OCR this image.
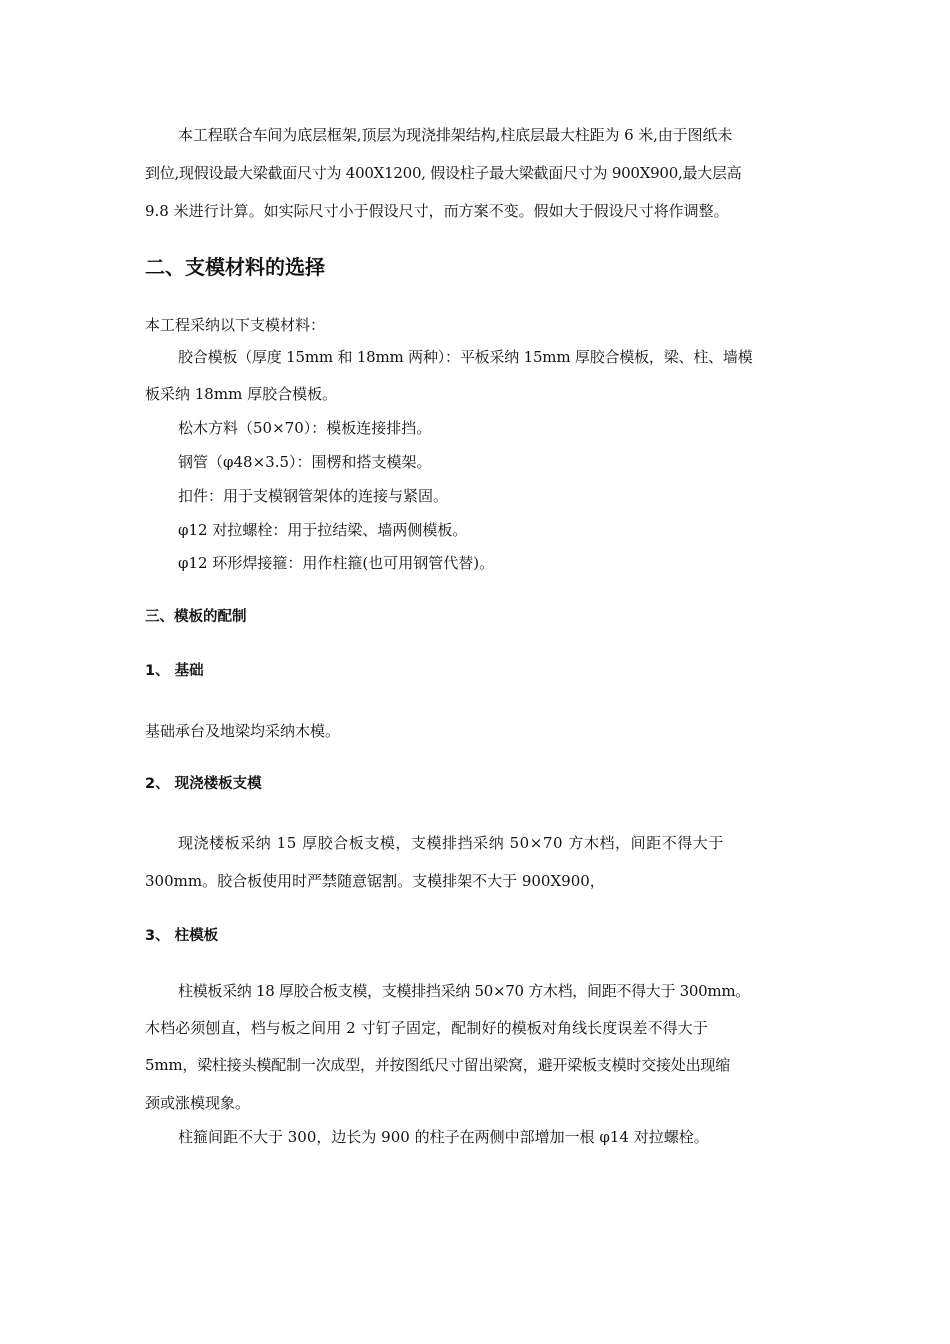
本工程联合车间为底层框架,顶层为现浇排架结构,柱底层最大柱距为 6 米,由于图纸未
到位,现假设最大梁截面尺寸为 400X1200, 假设柱子最大梁截面尺寸为 900X900,最大层高
9.8 米进行计算。如实际尺寸小于假设尺寸，而方案不变。假如大于假设尺寸将作调整。
二、支模材料的选择
本工程采纳以下支模材料：
胶合模板（厚度 15mm 和 18mm 两种）：平板采纳 15mm 厚胶合模板，梁、柱、墙模
板采纳 18mm 厚胶合模板。
松木方料（50×70）：模板连接排挡。
钢管（φ48×3.5）：围楞和搭支模架。
扣件：用于支模钢管架体的连接与紧固。
φ12 对拉螺栓：用于拉结梁、墙两侧模板。
φ12 环形焊接箍：用作柱箍(也可用钢管代替)。
三、模板的配制
1、 基础
基础承台及地梁均采纳木模。
2、 现浇楼板支模
现浇楼板采纳 15 厚胶合板支模，支模排挡采纳 50×70 方木档，间距不得大于
300mm。胶合板使用时严禁随意锯割。支模排架不大于 900X900，
3、 柱模板
柱模板采纳 18 厚胶合板支模，支模排挡采纳 50×70 方木档，间距不得大于 300mm。
木档必须刨直，档与板之间用 2 寸钉子固定，配制好的模板对角线长度误差不得大于
5mm，梁柱接头模配制一次成型，并按图纸尺寸留出梁窝，避开梁板支模时交接处出现缩
颈或涨模现象。
柱箍间距不大于 300，边长为 900 的柱子在两侧中部增加一根 φ14 对拉螺栓。
